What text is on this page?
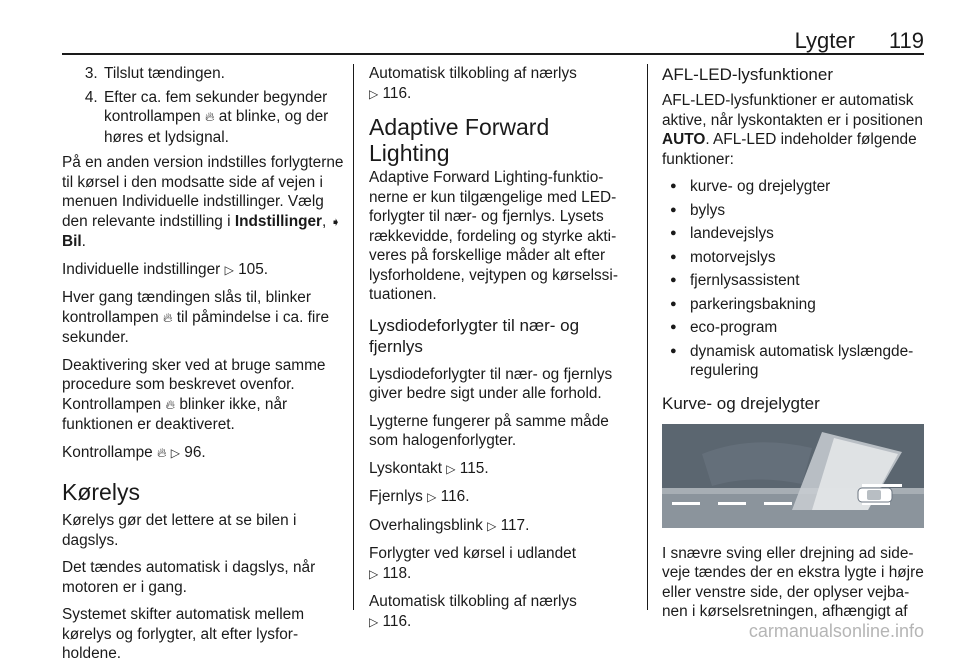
Lygter 119
3. Tilslut tændingen.
4. Efter ca. fem sekunder begynder kontrollampen 🔥︎ at blinke, og der høres et lydsignal.

På en anden version indstilles forlygterne til kørsel i den modsatte side af vejen i menuen Individuelle indstillinger. Vælg den relevante indstilling i Indstillinger, ➧ Bil.

Individuelle indstillinger ▷ 105.

Hver gang tændingen slås til, blinker kontrollampen 🔥︎ til påmindelse i ca. fire sekunder.

Deaktivering sker ved at bruge samme procedure som beskrevet ovenfor. Kontrollampen 🔥︎ blinker ikke, når funktionen er deaktiveret.

Kontrollampe 🔥︎ ▷ 96.

Kørelys

Kørelys gør det lettere at se bilen i dagslys.

Det tændes automatisk i dagslys, når motoren er i gang.

Systemet skifter automatisk mellem kørelys og forlygter, alt efter lysforholdene.

Automatisk tilkobling af nærlys
▷ 116.

Adaptive Forward Lighting

Adaptive Forward Lighting-funktionerne er kun tilgængelige med LED-forlygter til nær- og fjernlys. Lysets rækkevidde, fordeling og styrke aktiveres på forskellige måder alt efter lysforholdene, vejtypen og kørselssituationen.

Lysdiodeforlygter til nær- og fjernlys

Lysdiodeforlygter til nær- og fjernlys giver bedre sigt under alle forhold.

Lygterne fungerer på samme måde som halogenforlygter.

Lyskontakt ▷ 115.

Fjernlys ▷ 116.

Overhalingsblink ▷ 117.

Forlygter ved kørsel i udlandet
▷ 118.

Automatisk tilkobling af nærlys
▷ 116.

AFL-LED-lysfunktioner

AFL-LED-lysfunktioner er automatisk aktive, når lyskontakten er i positionen AUTO. AFL-LED indeholder følgende funktioner:

● kurve- og drejelygter
● bylys
● landevejslys
● motorvejslys
● fjernlysassistent
● parkeringsbakning
● eco-program
● dynamisk automatisk lyslængderegulering
Kurve- og drejelygter

I snævre sving eller drejning ad sideveje tændes der en ekstra lygte i højre eller venstre side, der oplyser vejbanen i kørselsretningen, afhængigt af

carmanualsonline.info
